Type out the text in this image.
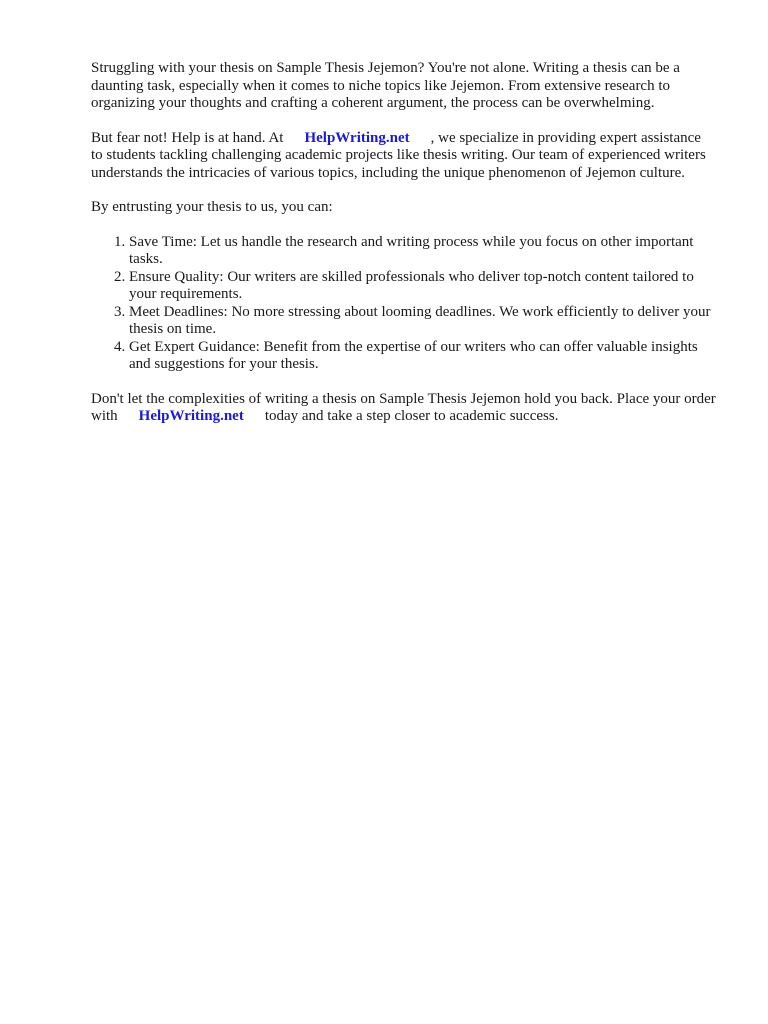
Struggling with your thesis on Sample Thesis Jejemon? You're not alone. Writing a thesis can be a daunting task, especially when it comes to niche topics like Jejemon. From extensive research to organizing your thoughts and crafting a coherent argument, the process can be overwhelming.

But fear not! Help is at hand. At HelpWriting.net , we specialize in providing expert assistance to students tackling challenging academic projects like thesis writing. Our team of experienced writers understands the intricacies of various topics, including the unique phenomenon of Jejemon culture.

By entrusting your thesis to us, you can:

1. Save Time: Let us handle the research and writing process while you focus on other important tasks.
2. Ensure Quality: Our writers are skilled professionals who deliver top-notch content tailored to your requirements.
3. Meet Deadlines: No more stressing about looming deadlines. We work efficiently to deliver your thesis on time.
4. Get Expert Guidance: Benefit from the expertise of our writers who can offer valuable insights and suggestions for your thesis.

Don't let the complexities of writing a thesis on Sample Thesis Jejemon hold you back. Place your order with HelpWriting.net today and take a step closer to academic success.
